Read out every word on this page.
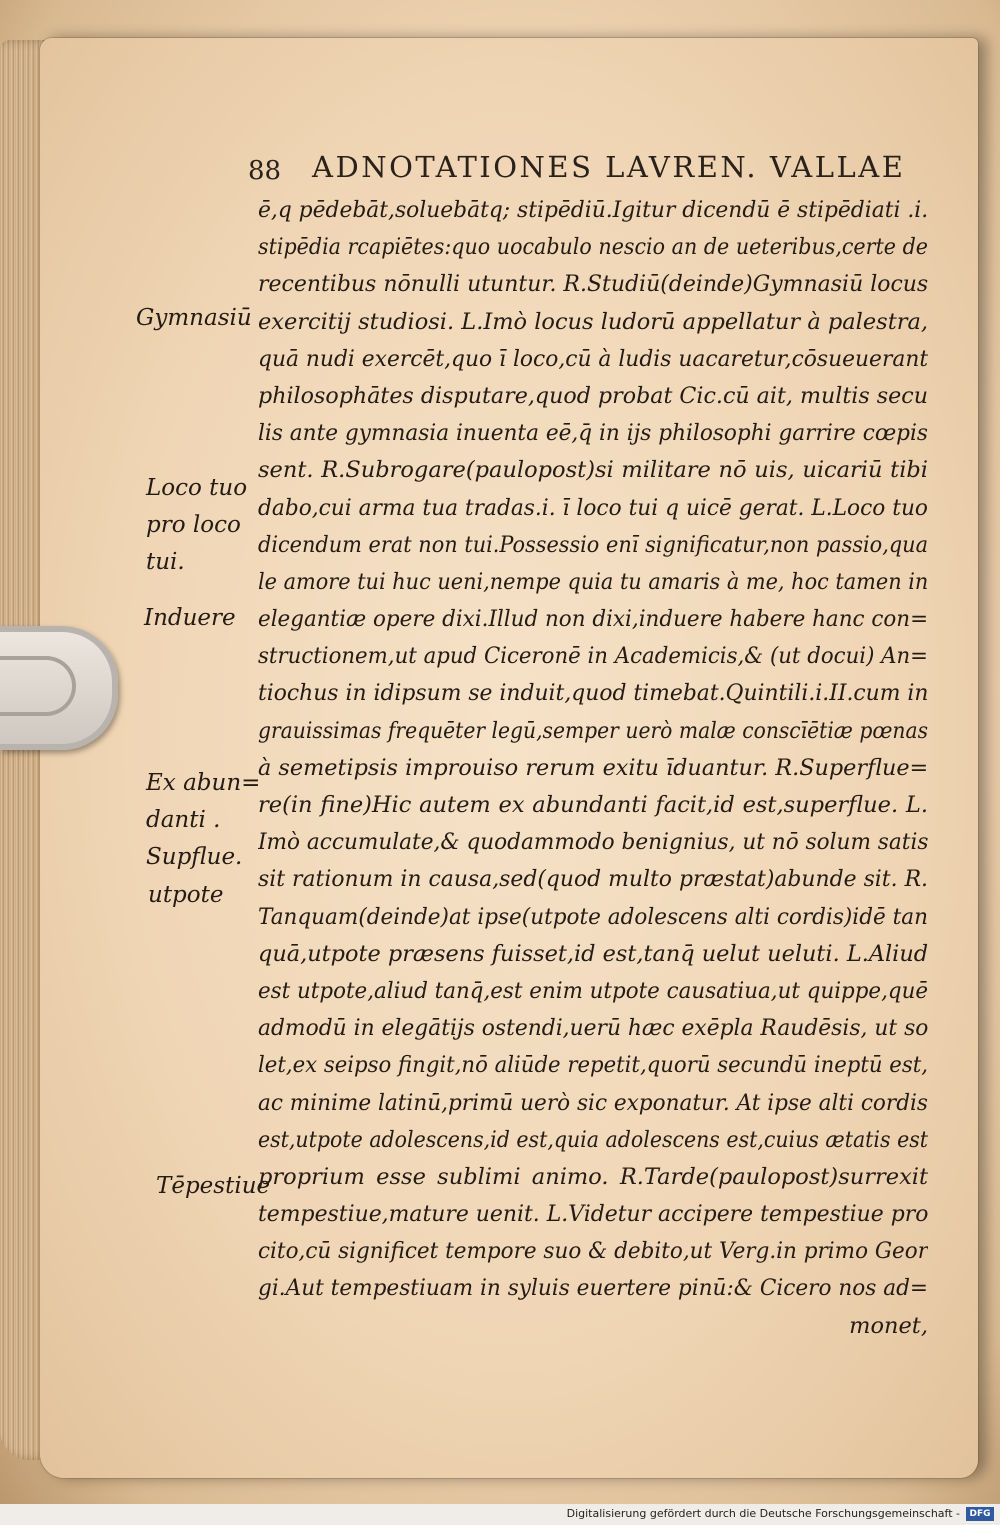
88 ADNOTATIONES LAVREN. VALLAE
ē,q pēdebāt,soluebātq; stipēdiū.Igitur dicendū ē stipēdiati .i.
stipēdia rcapiētes:quo uocabulo nescio an de ueteribus,certe de
recentibus nōnulli utuntur. R.Studiū(deinde)Gymnasiū locus
exercitij studiosi. L.Imò locus ludorū appellatur à palestra,
quā nudi exercēt,quo ī loco,cū à ludis uacaretur,cōsueuerant
philosophātes disputare,quod probat Cic.cū ait, multis secu
lis ante gymnasia inuenta eē,q̄ in ijs philosophi garrire cœpis
sent. R.Subrogare(paulopost)si militare nō uis, uicariū tibi
dabo,cui arma tua tradas.i. ī loco tui q uicē gerat. L.Loco tuo
dicendum erat non tui.Possessio enī significatur,non passio,qua
le amore tui huc ueni,nempe quia tu amaris à me, hoc tamen in
elegantiæ opere dixi.Illud non dixi,induere habere hanc con=
structionem,ut apud Ciceronē in Academicis,& (ut docui) An=
tiochus in idipsum se induit,quod timebat.Quintili.i.II.cum in
grauissimas frequēter legū,semper uerò malæ conscīētiæ pœnas
à semetipsis improuiso rerum exitu īduantur. R.Superflue=
re(in fine)Hic autem ex abundanti facit,id est,superflue. L.
Imò accumulate,& quodammodo benignius, ut nō solum satis
sit rationum in causa,sed(quod multo præstat)abunde sit. R.
Tanquam(deinde)at ipse(utpote adolescens alti cordis)idē tan
quā,utpote præsens fuisset,id est,tanq̄ uelut ueluti. L.Aliud
est utpote,aliud tanq̄,est enim utpote causatiua,ut quippe,quē
admodū in elegātijs ostendi,uerū hæc exēpla Raudēsis, ut so
let,ex seipso fingit,nō aliūde repetit,quorū secundū ineptū est,
ac minime latinū,primū uerò sic exponatur. At ipse alti cordis
est,utpote adolescens,id est,quia adolescens est,cuius ætatis est
proprium esse sublimi animo. R.Tarde(paulopost)surrexit
tempestiue,mature uenit. L.Videtur accipere tempestiue pro
cito,cū significet tempore suo & debito,ut Verg.in primo Geor
gi.Aut tempestiuam in syluis euertere pinū:& Cicero nos ad=
monet,
Gymnasiū
Loco tuo
pro loco
tui.
Induere
Ex abun=
danti .
Supflue.
utpote
Tēpestiue
Digitalisierung gefördert durch die Deutsche Forschungsgemeinschaft -	DFG
